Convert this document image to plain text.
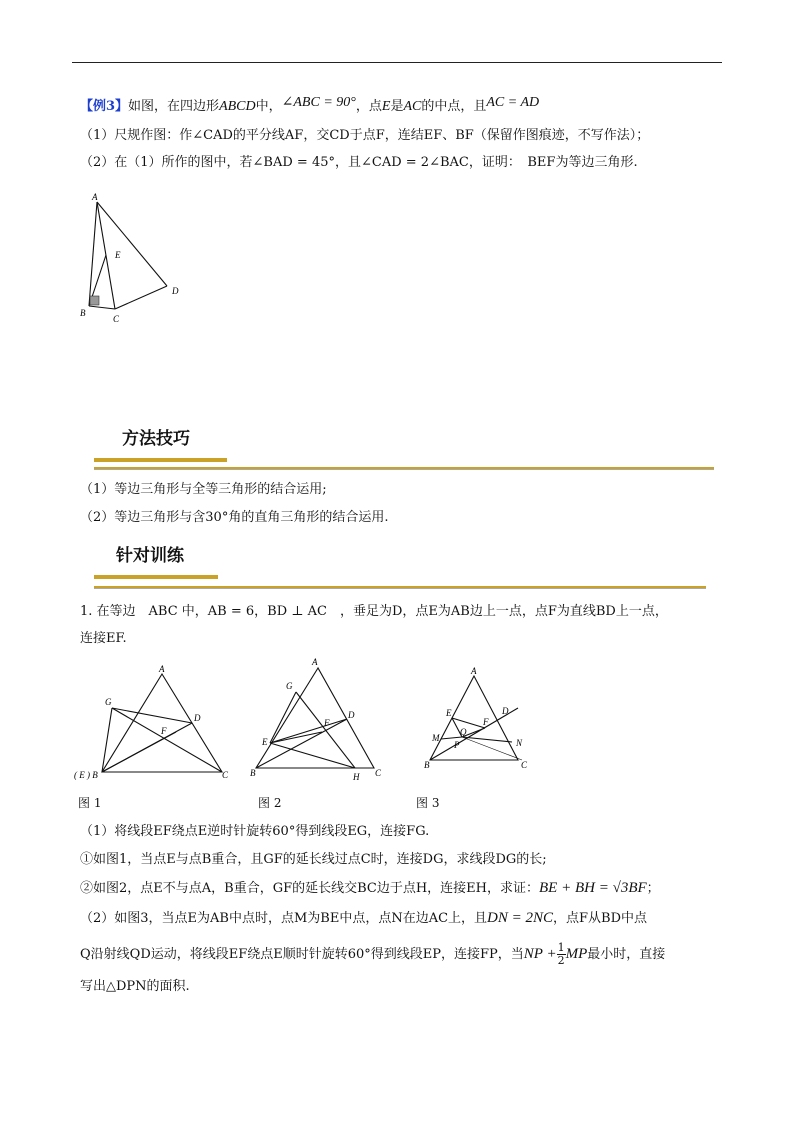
【例3】如图，在四边形ABCD中，∠ABC = 90°，点E是AC的中点，且AC = AD
（1）尺规作图：作∠CAD的平分线AF，交CD于点F，连结EF、BF（保留作图痕迹，不写作法）；
（2）在（1）所作的图中，若∠BAD = 45°，且∠CAD = 2∠BAC，证明：　 BEF为等边三角形.
A
E
D
B
C
方法技巧
（1）等边三角形与全等三角形的结合运用;
（2）等边三角形与含30°角的直角三角形的结合运用.
针对训练
1. 在等边　ABC 中，AB = 6，BD ⊥ AC　，垂足为D，点E为AB边上一点，点F为直线BD上一点，
连接EF.
A
G
D
F
( E ) B	C
A
G
D
F
E
B	H C
A
E	D
F
M
Q
P	N
B	C
图 1	图 2	图 3
（1）将线段EF绕点E逆时针旋转60°得到线段EG，连接FG.
①如图1，当点E与点B重合，且GF的延长线过点C时，连接DG，求线段DG的长;
②如图2，点E不与点A，B重合，GF的延长线交BC边于点H，连接EH，求证：BE + BH = √3BF；
（2）如图3，当点E为AB中点时，点M为BE中点，点N在边AC上，且DN = 2NC，点F从BD中点
Q沿射线QD运动，将线段EF绕点E顺时针旋转60°得到线段EP，连接FP，当NP + $\frac{1}{2}$ MP最小时，直接
写出△DPN的面积.
